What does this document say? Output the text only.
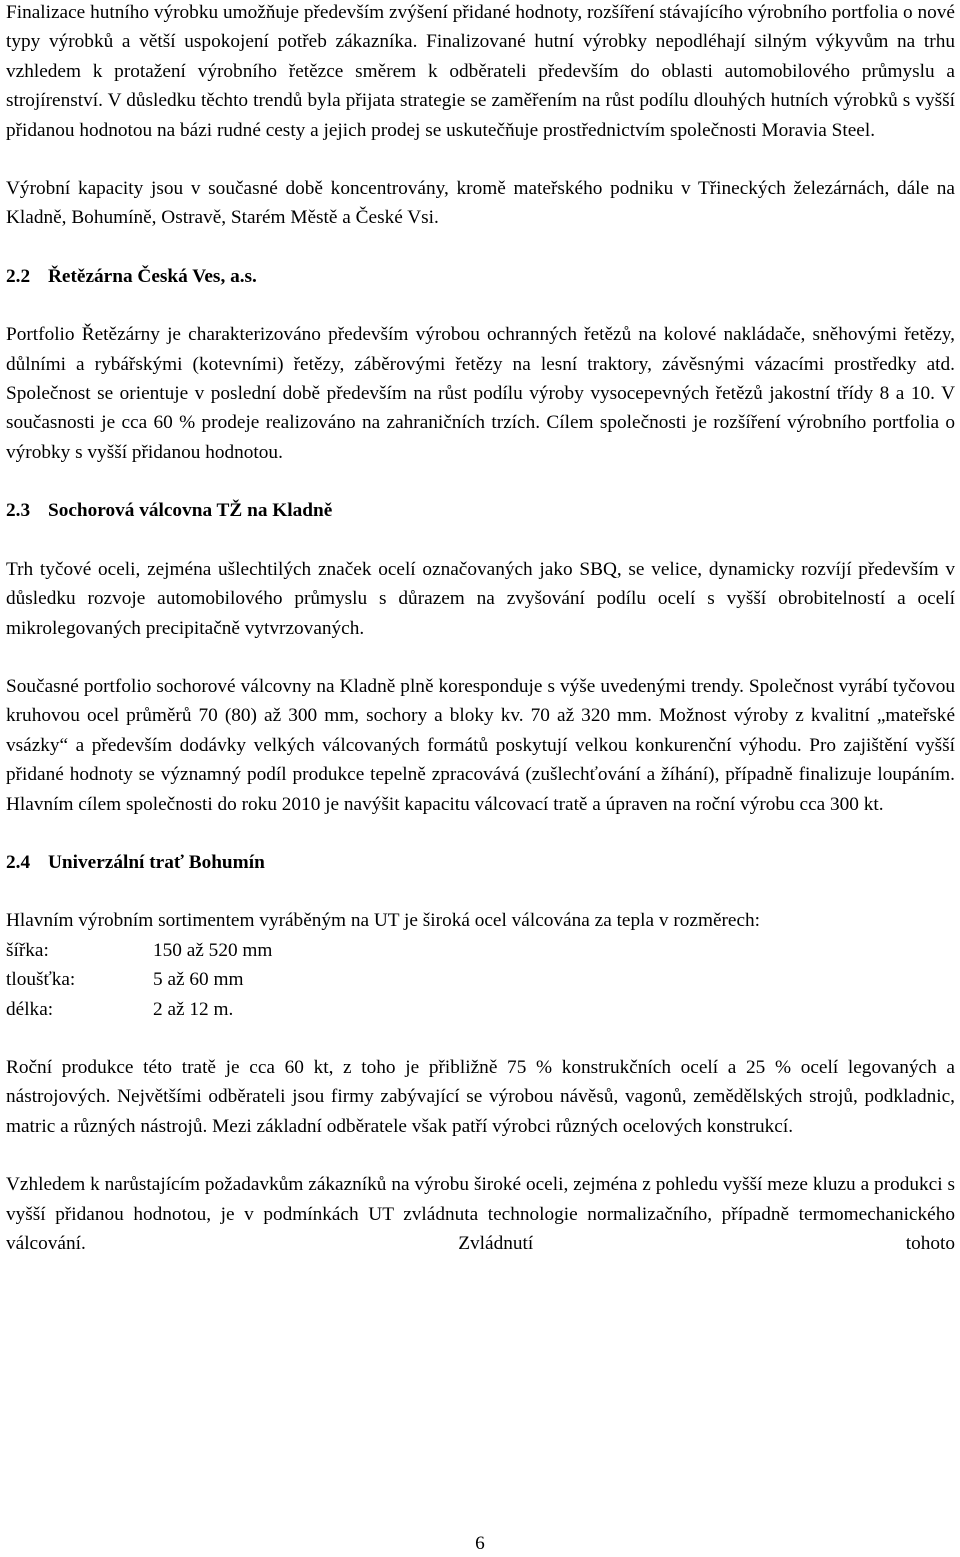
Finalizace hutního výrobku umožňuje především zvýšení přidané hodnoty, rozšíření stávajícího výrobního portfolia o nové typy výrobků a větší uspokojení potřeb zákazníka. Finalizované hutní výrobky nepodléhají silným výkyvům na trhu vzhledem k protažení výrobního řetězce směrem k odběrateli především do oblasti automobilového průmyslu a strojírenství. V důsledku těchto trendů byla přijata strategie se zaměřením na růst podílu dlouhých hutních výrobků s vyšší přidanou hodnotou na bázi rudné cesty a jejich prodej se uskutečňuje prostřednictvím společnosti Moravia Steel.

Výrobní kapacity jsou v současné době koncentrovány, kromě mateřského podniku v Třineckých železárnách, dále na Kladně, Bohumíně, Ostravě, Starém Městě a České Vsi.

2.2 Řetězárna Česká Ves, a.s.

Portfolio Řetězárny je charakterizováno především výrobou ochranných řetězů na kolové nakládače, sněhovými řetězy, důlními a rybářskými (kotevními) řetězy, záběrovými řetězy na lesní traktory, závěsnými vázacími prostředky atd. Společnost se orientuje v poslední době především na růst podílu výroby vysocepevných řetězů jakostní třídy 8 a 10. V současnosti je cca 60 % prodeje realizováno na zahraničních trzích. Cílem společnosti je rozšíření výrobního portfolia o výrobky s vyšší přidanou hodnotou.

2.3 Sochorová válcovna TŽ na Kladně

Trh tyčové oceli, zejména ušlechtilých značek ocelí označovaných jako SBQ, se velice, dynamicky rozvíjí především v důsledku rozvoje automobilového průmyslu s důrazem na zvyšování podílu ocelí s vyšší obrobitelností a ocelí mikrolegovaných precipitačně vytvrzovaných.

Současné portfolio sochorové válcovny na Kladně plně koresponduje s výše uvedenými trendy. Společnost vyrábí tyčovou kruhovou ocel průměrů 70 (80) až 300 mm, sochory a bloky kv. 70 až 320 mm. Možnost výroby z kvalitní „mateřské vsázky“ a především dodávky velkých válcovaných formátů poskytují velkou konkurenční výhodu. Pro zajištění vyšší přidané hodnoty se významný podíl produkce tepelně zpracovává (zušlechťování a žíhání), případně finalizuje loupáním. Hlavním cílem společnosti do roku 2010 je navýšit kapacitu válcovací tratě a úpraven na roční výrobu cca 300 kt.

2.4 Univerzální trať Bohumín

Hlavním výrobním sortimentem vyráběným na UT je široká ocel válcována za tepla v rozměrech:

šířka:	150 až 520 mm
tloušťka:	5 až 60 mm
délka:	2 až 12 m.

Roční produkce této tratě je cca 60 kt, z toho je přibližně 75 % konstrukčních ocelí a 25 % ocelí legovaných a nástrojových. Největšími odběrateli jsou firmy zabývající se výrobou návěsů, vagonů, zemědělských strojů, podkladnic, matric a různých nástrojů. Mezi základní odběratele však patří výrobci různých ocelových konstrukcí.

Vzhledem k narůstajícím požadavkům zákazníků na výrobu široké oceli, zejména z pohledu vyšší meze kluzu a produkci s vyšší přidanou hodnotou, je v podmínkách UT zvládnuta technologie normalizačního, případně termomechanického válcování. Zvládnutí tohoto

6
